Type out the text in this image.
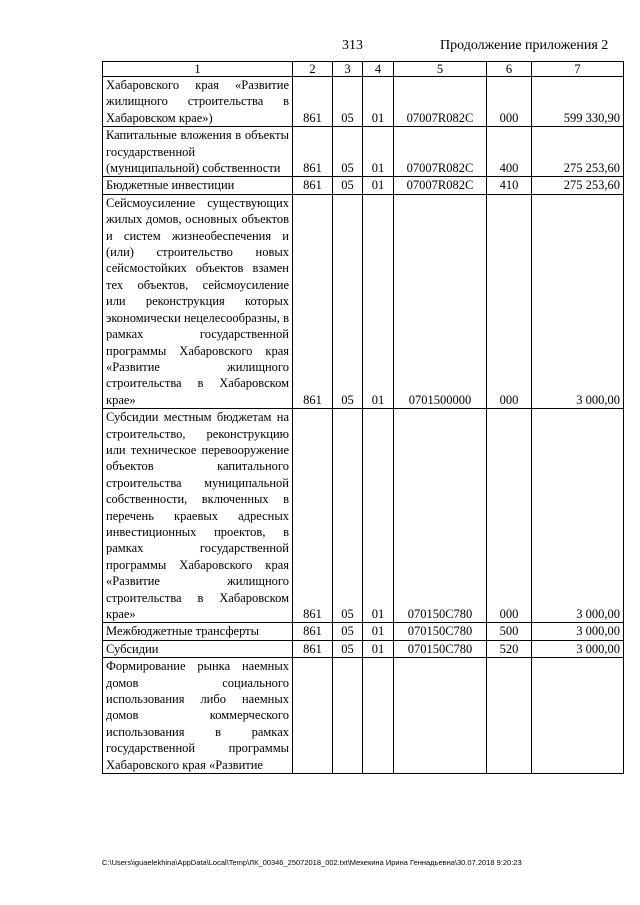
313	Продолжение приложения 2
1	2	3	4	5	6	7
Хабаровского края «Развитие жилищного строительства в Хабаровском крае»)	861	05	01	07007R082C	000	599 330,90
Капитальные вложения в объекты государственной (муниципальной) собственности	861	05	01	07007R082C	400	275 253,60
Бюджетные инвестиции	861	05	01	07007R082C	410	275 253,60
Сейсмоусиление существующих жилых домов, основных объектов и систем жизнеобеспечения и (или) строительство новых сейсмостойких объектов взамен тех объектов, сейсмоусиление или реконструкция которых экономически нецелесообразны, в рамках государственной программы Хабаровского края «Развитие жилищного строительства в Хабаровском крае»	861	05	01	0701500000	000	3 000,00
Субсидии местным бюджетам на строительство, реконструкцию или техническое перевооружение объектов капитального строительства муниципальной собственности, включенных в перечень краевых адресных инвестиционных проектов, в рамках государственной программы Хабаровского края «Развитие жилищного строительства в Хабаровском крае»	861	05	01	070150С780	000	3 000,00
Межбюджетные трансферты	861	05	01	070150С780	500	3 000,00
Субсидии	861	05	01	070150С780	520	3 000,00
Формирование рынка наемных домов социального использования либо наемных домов коммерческого использования в рамках государственной программы Хабаровского края «Развитие						
C:\Users\iguaelekhina\AppData\Local\Temp\ЛК_00346_25072018_002.txt\Мехекина Ирина Геннадьевна\30.07.2018 9:20:23
